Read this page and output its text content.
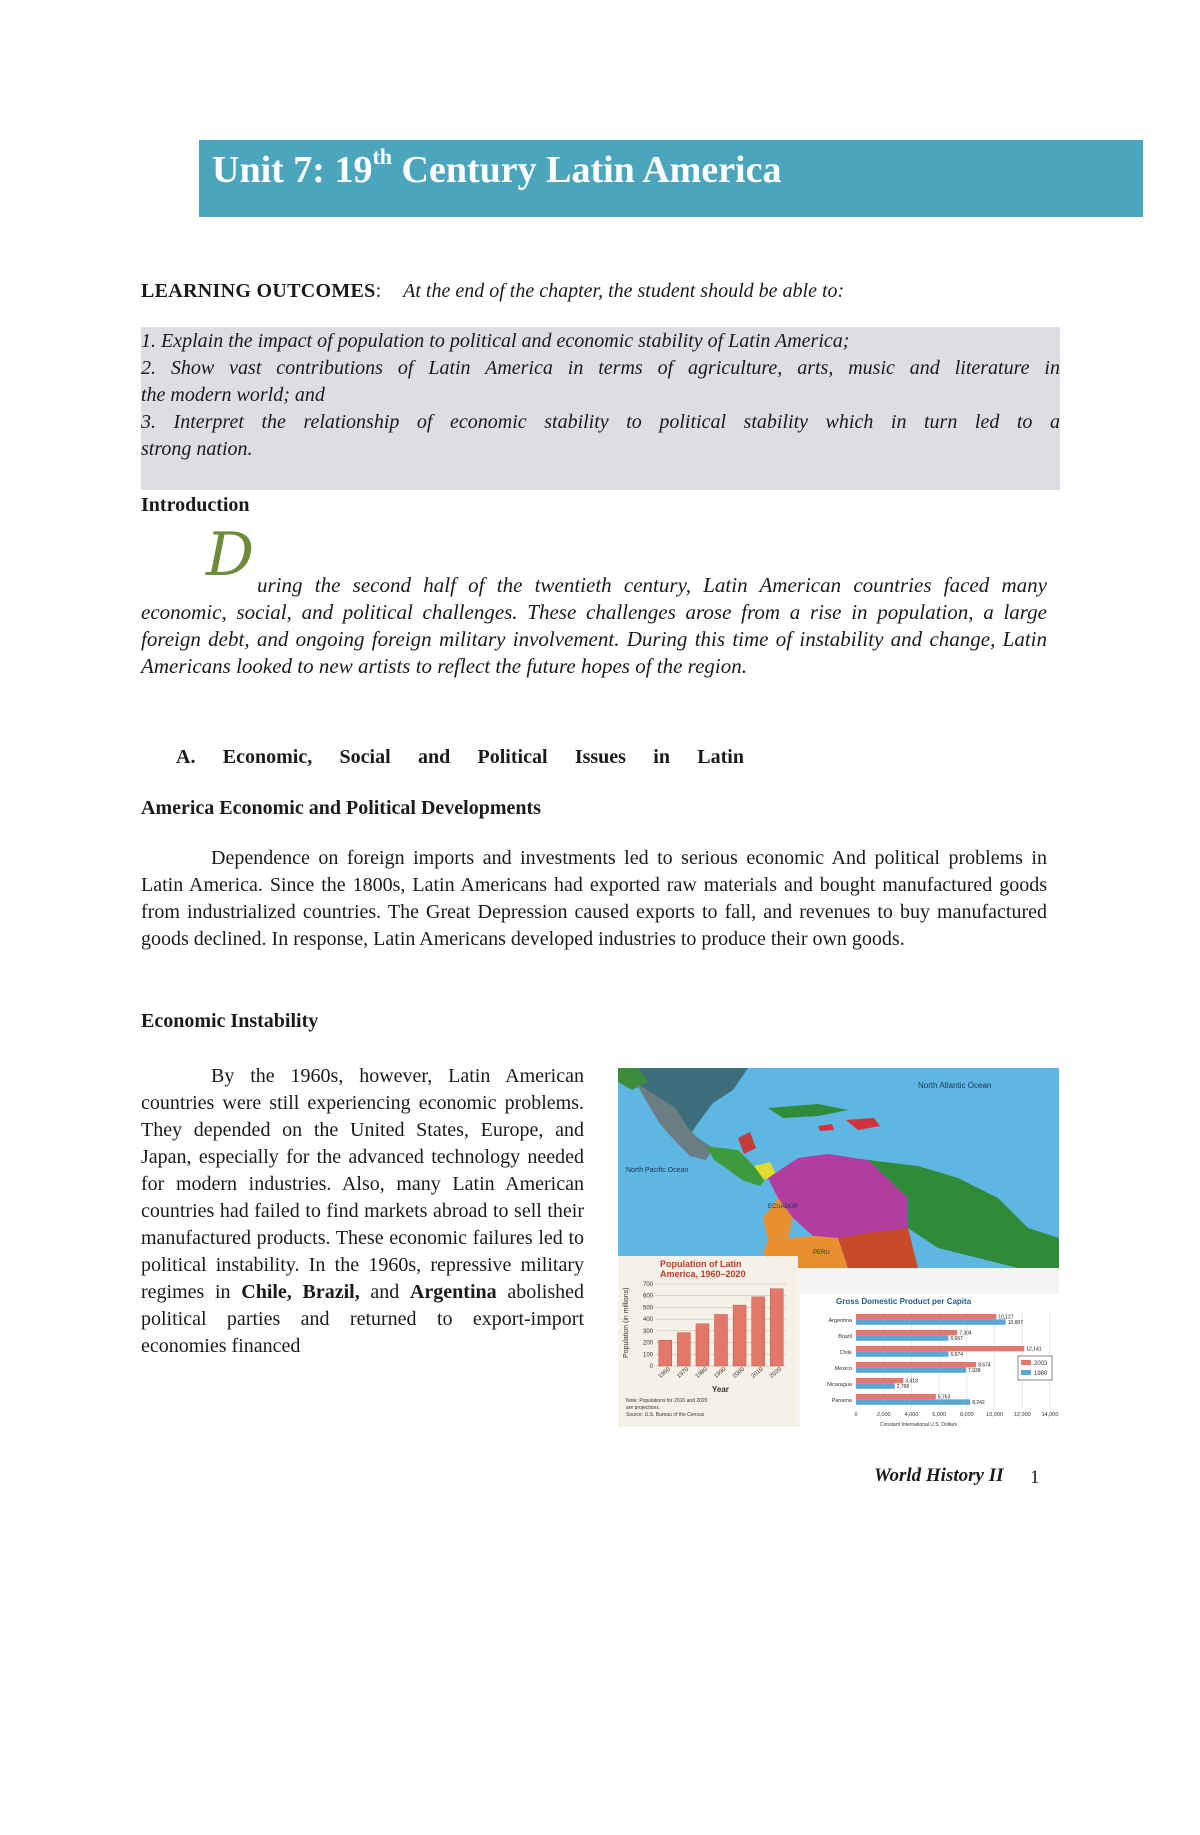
Unit 7: 19th Century Latin America
LEARNING OUTCOMES: At the end of the chapter, the student should be able to:
1. Explain the impact of population to political and economic stability of Latin America;
2. Show vast contributions of Latin America in terms of agriculture, arts, music and literature in
the modern world; and
3. Interpret the relationship of economic stability to political stability which in turn led to a
strong nation.
Introduction
D uring the second half of the twentieth century, Latin American countries faced many economic, social, and political challenges. These challenges arose from a rise in population, a large foreign debt, and ongoing foreign military involvement. During this time of instability and change, Latin Americans looked to new artists to reflect the future hopes of the region.
A. Economic, Social and Political Issues in Latin
America Economic and Political Developments
Dependence on foreign imports and investments led to serious economic And political problems in Latin America. Since the 1800s, Latin Americans had exported raw materials and bought manufactured goods from industrialized countries. The Great Depression caused exports to fall, and revenues to buy manufactured goods declined. In response, Latin Americans developed industries to produce their own goods.
Economic Instability
By the 1960s, however, Latin American countries were still experiencing economic problems. They depended on the United States, Europe, and Japan, especially for the advanced technology needed for modern industries. Also, many Latin American countries had failed to find markets abroad to sell their manufactured products. These economic failures led to political instability. In the 1960s, repressive military regimes in Chile, Brazil, and Argentina abolished political parties and returned to export-import economies financed
North Atlantic Ocean
North Pacific Ocean
ECUADOR
PERU
Population of Latin
America, 1960–2020
Population (in millions)
700
600
500
400
300
200
100
0 1960 1970 1980 1990 2000 2010 2020
Year
Note: Populations for 2010 and 2020
are projections.
Source: U.S. Bureau of the Census
Gross Domestic Product per Capita
Argentina
10,127
10,807
Brazil
7,304
6,667
Chile
12,141
6,674
Mexico
8,674
7,938
Nicaragua
3,418
2,796
Panama
5,763
8,242
0	2,000	4,000	6,000	8,000 10,000 12,000 14,000
Constant International U.S. Dollars
2003
1980
World History II 1
